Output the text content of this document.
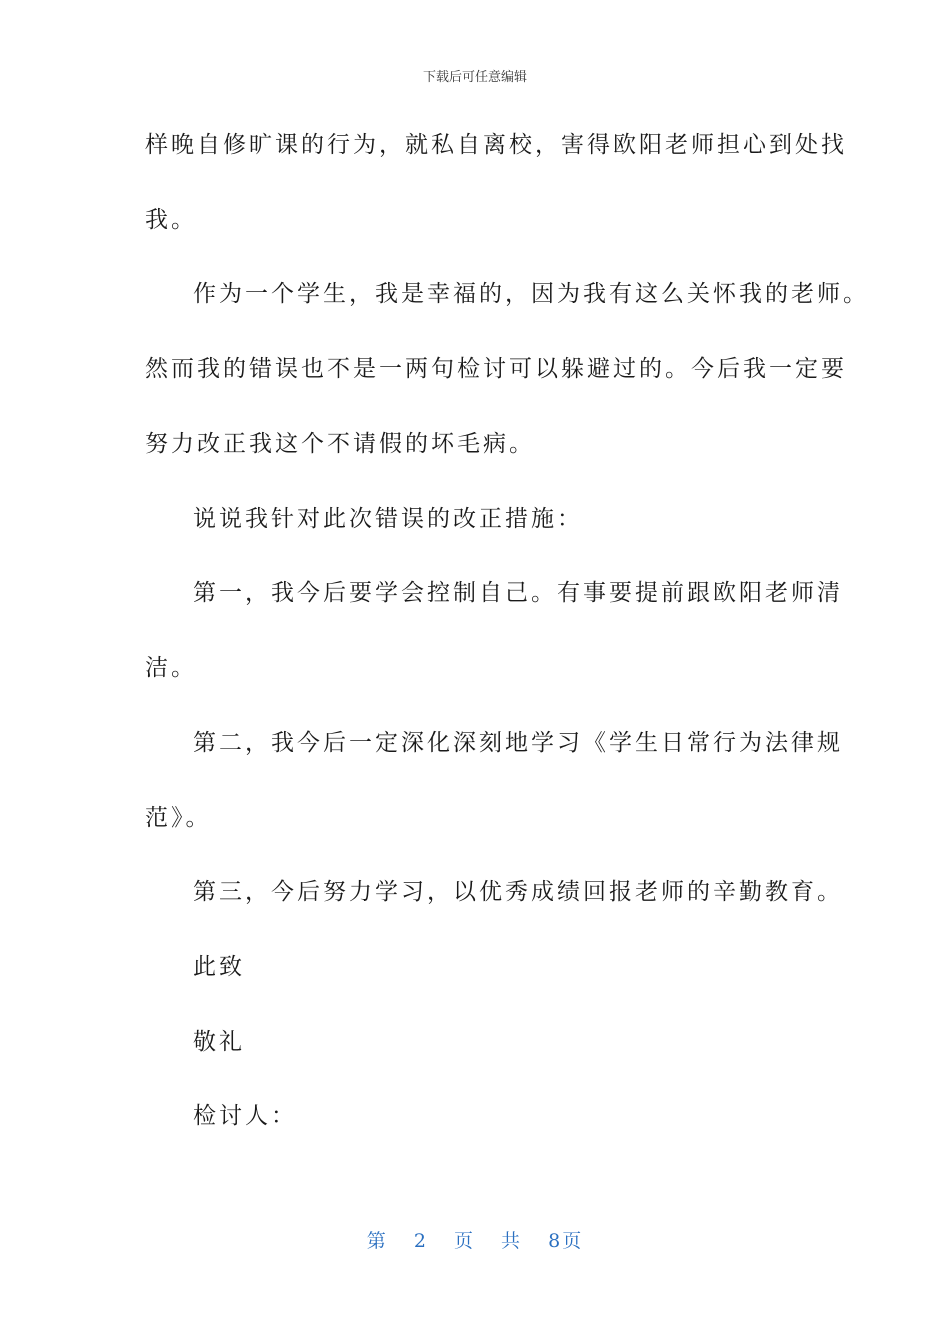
下载后可任意编辑
样晚自修旷课的行为，就私自离校，害得欧阳老师担心到处找
我。
作为一个学生，我是幸福的，因为我有这么关怀我的老师。
然而我的错误也不是一两句检讨可以躲避过的。今后我一定要
努力改正我这个不请假的坏毛病。
说说我针对此次错误的改正措施：
第一，我今后要学会控制自己。有事要提前跟欧阳老师清
洁。
第二，我今后一定深化深刻地学习《学生日常行为法律规
范》。
第三，今后努力学习，以优秀成绩回报老师的辛勤教育。
此致
敬礼
检讨人：
第 2 页 共 8页
